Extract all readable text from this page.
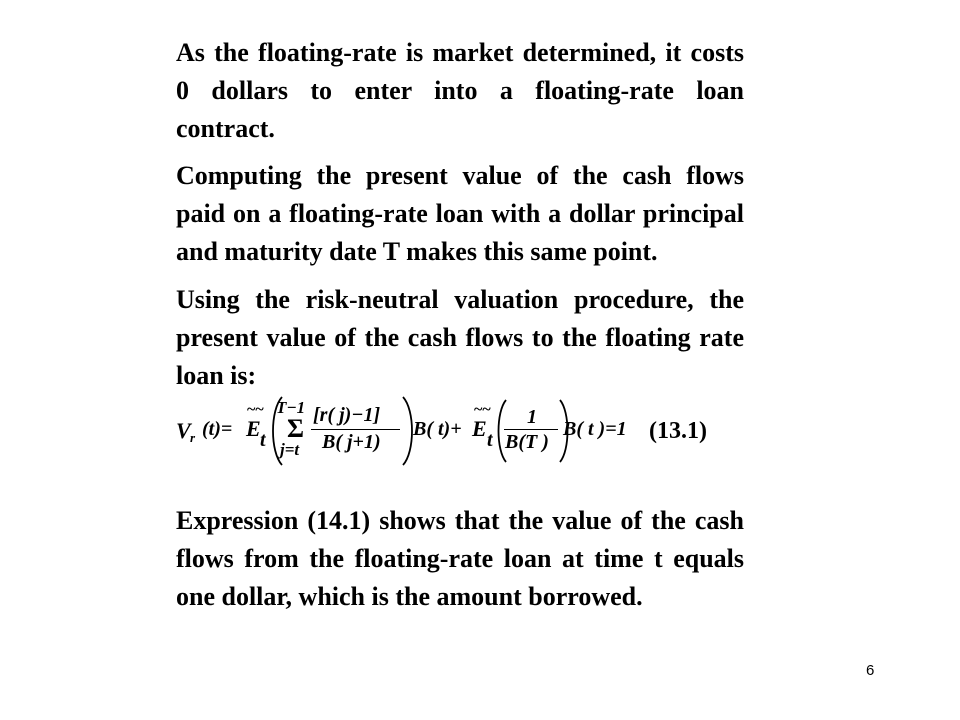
As the floating-rate is market determined, it costs
0 dollars to enter into a floating-rate loan
contract.
Computing the present value of the cash flows
paid on a floating-rate loan with a dollar principal
and maturity date T makes this same point.
Using the risk-neutral valuation procedure, the
present value of the cash flows to the floating rate
loan is:
V r (t)=
~~
E t
T−1
Σ
j=t
[r( j)−1]
B( j+1)
B( t)+
~~
E t
1
B(T )
B( t )=1 (13.1)
Expression (14.1) shows that the value of the cash
flows from the floating-rate loan at time t equals
one dollar, which is the amount borrowed.
6
